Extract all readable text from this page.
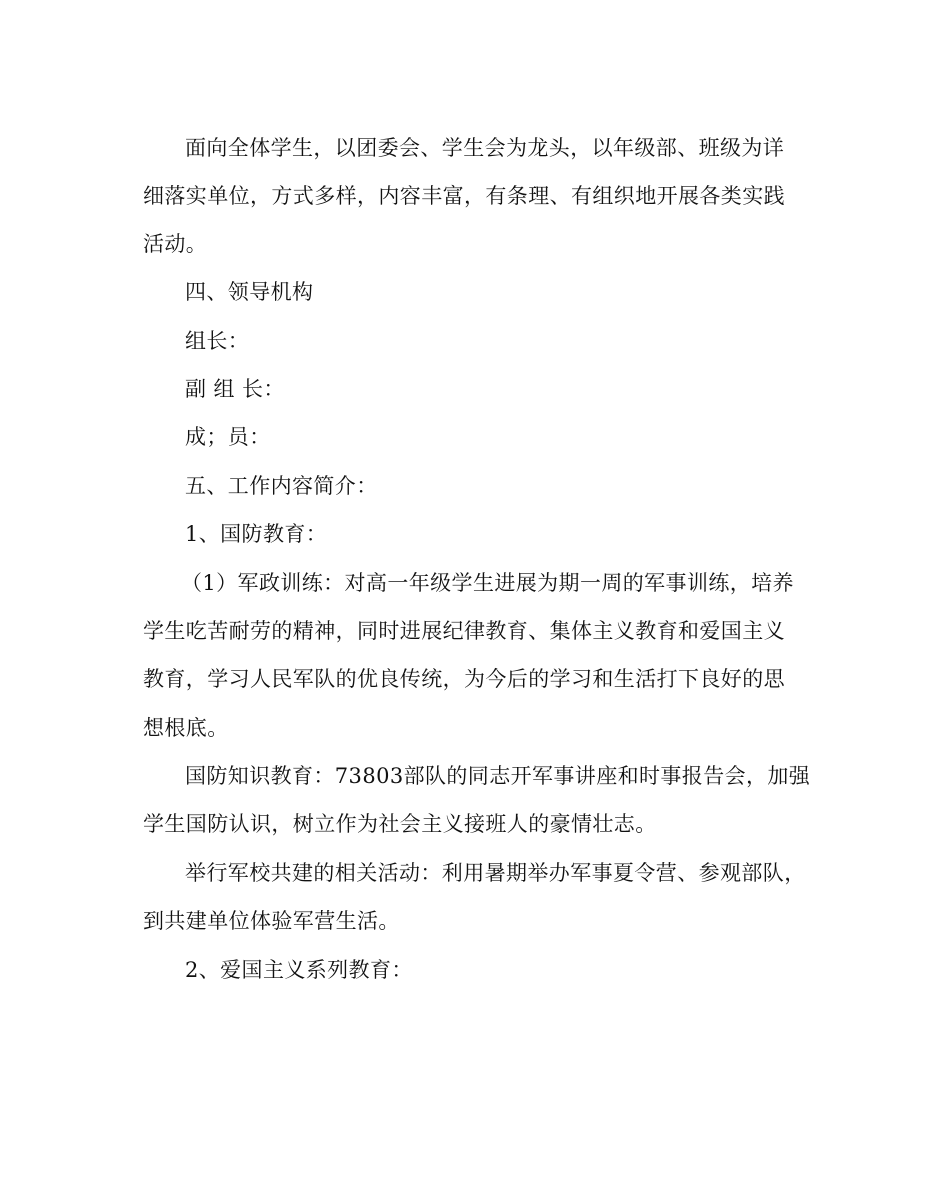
面向全体学生，以团委会、学生会为龙头，以年级部、班级为详
细落实单位，方式多样，内容丰富，有条理、有组织地开展各类实践
活动。
四、领导机构
组长：
副 组 长：
成；员：
五、工作内容简介：
1、国防教育：
（1）军政训练：对高一年级学生进展为期一周的军事训练，培养
学生吃苦耐劳的精神，同时进展纪律教育、集体主义教育和爱国主义
教育，学习人民军队的优良传统，为今后的学习和生活打下良好的思
想根底。
国防知识教育：73803部队的同志开军事讲座和时事报告会，加强
学生国防认识，树立作为社会主义接班人的豪情壮志。
举行军校共建的相关活动：利用暑期举办军事夏令营、参观部队，
到共建单位体验军营生活。
2、爱国主义系列教育：
